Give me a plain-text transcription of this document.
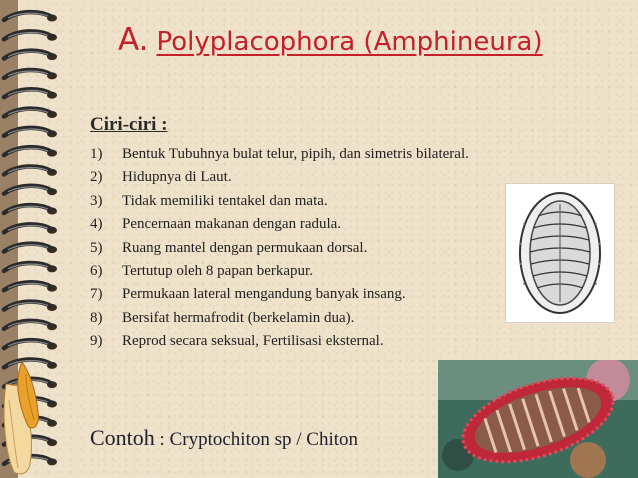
A. Polyplacophora (Amphineura)
Ciri-ciri :
1) Bentuk Tubuhnya bulat telur, pipih, dan simetris bilateral.
2) Hidupnya di Laut.
3) Tidak memiliki tentakel dan mata.
4) Pencernaan makanan dengan radula.
5) Ruang mantel dengan permukaan dorsal.
6) Tertutup oleh 8 papan berkapur.
7) Permukaan lateral mengandung banyak insang.
8) Bersifat hermafrodit (berkelamin dua).
9) Reprod secara seksual, Fertilisasi eksternal.
Contoh : Cryptochiton sp / Chiton
